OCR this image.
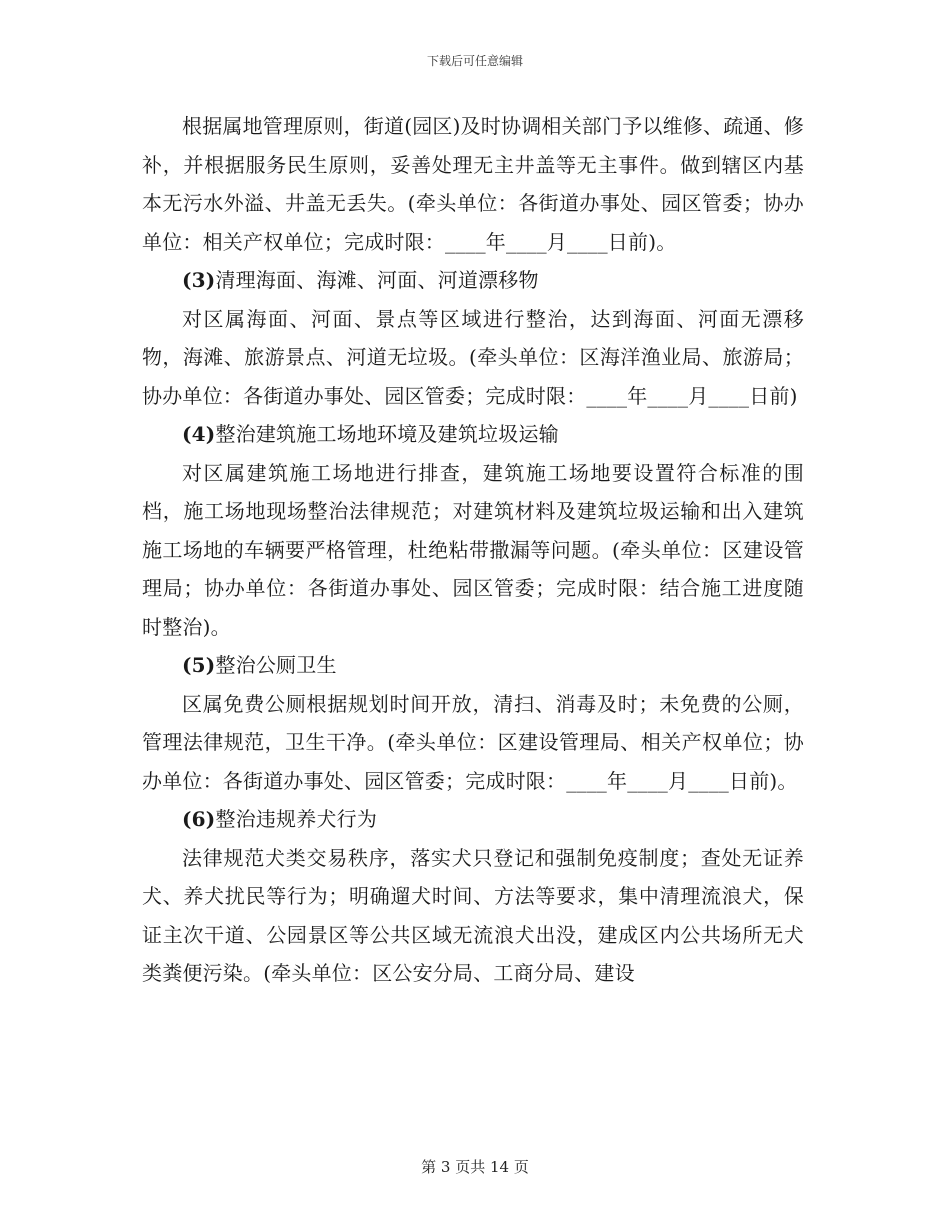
下载后可任意编辑

根据属地管理原则，街道(园区)及时协调相关部门予以维修、疏通、修补，并根据服务民生原则，妥善处理无主井盖等无主事件。做到辖区内基本无污水外溢、井盖无丢失。(牵头单位：各街道办事处、园区管委；协办单位：相关产权单位；完成时限：____年____月____日前)。

(3)清理海面、海滩、河面、河道漂移物

对区属海面、河面、景点等区域进行整治，达到海面、河面无漂移物，海滩、旅游景点、河道无垃圾。(牵头单位：区海洋渔业局、旅游局；协办单位：各街道办事处、园区管委；完成时限：____年____月____日前)

(4)整治建筑施工场地环境及建筑垃圾运输

对区属建筑施工场地进行排查，建筑施工场地要设置符合标准的围档，施工场地现场整治法律规范；对建筑材料及建筑垃圾运输和出入建筑施工场地的车辆要严格管理，杜绝粘带撒漏等问题。(牵头单位：区建设管理局；协办单位：各街道办事处、园区管委；完成时限：结合施工进度随时整治)。

(5)整治公厕卫生

区属免费公厕根据规划时间开放，清扫、消毒及时；未免费的公厕，管理法律规范，卫生干净。(牵头单位：区建设管理局、相关产权单位；协办单位：各街道办事处、园区管委；完成时限：____年____月____日前)。

(6)整治违规养犬行为

法律规范犬类交易秩序，落实犬只登记和强制免疫制度；查处无证养犬、养犬扰民等行为；明确遛犬时间、方法等要求，集中清理流浪犬，保证主次干道、公园景区等公共区域无流浪犬出没，建成区内公共场所无犬类粪便污染。(牵头单位：区公安分局、工商分局、建设

第 3 页共 14 页
